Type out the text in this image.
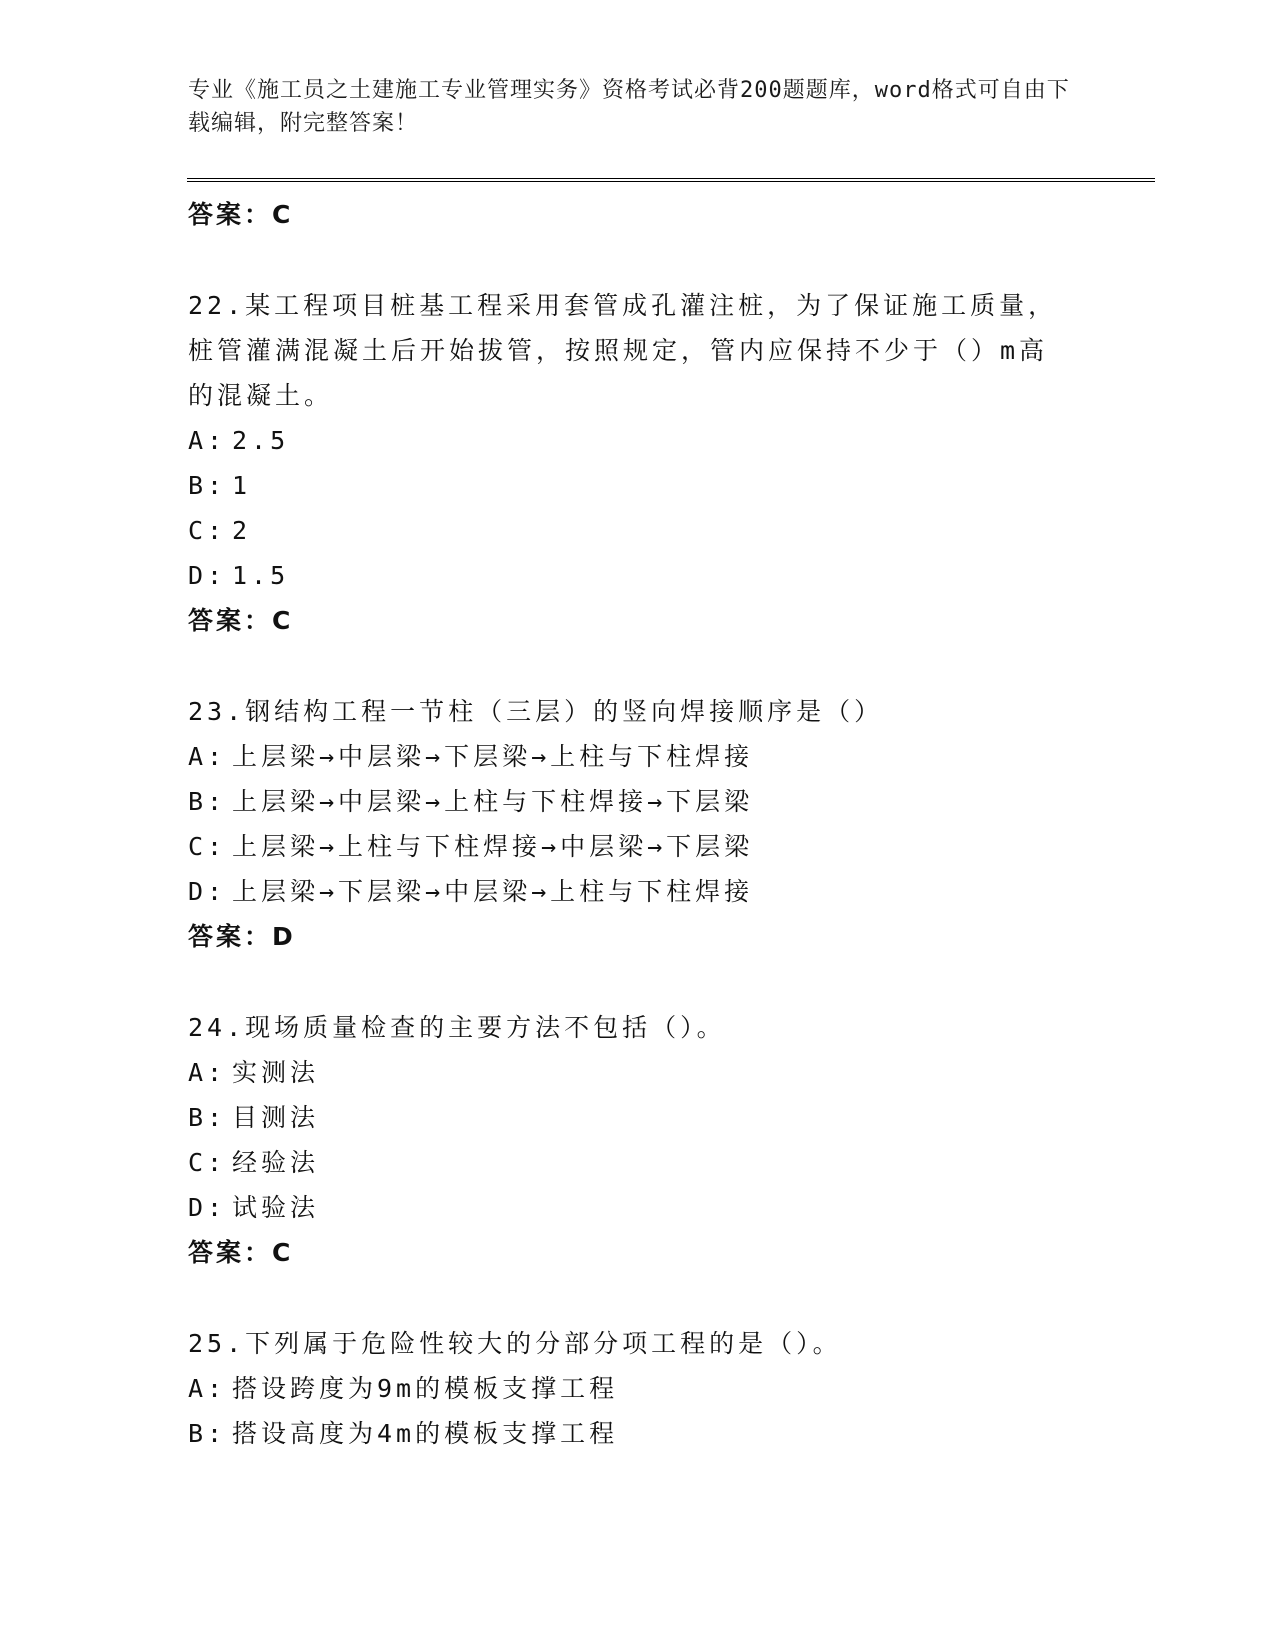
专业《施工员之土建施工专业管理实务》资格考试必背200题题库，word格式可自由下载编辑，附完整答案！
答案：C
22.某工程项目桩基工程采用套管成孔灌注桩，为了保证施工质量，桩管灌满混凝土后开始拔管，按照规定，管内应保持不少于（）m高的混凝土。
A: 2.5
B: 1
C: 2
D: 1.5
答案：C
23.钢结构工程一节柱（三层）的竖向焊接顺序是（）
A: 上层梁→中层梁→下层梁→上柱与下柱焊接
B: 上层梁→中层梁→上柱与下柱焊接→下层梁
C: 上层梁→上柱与下柱焊接→中层梁→下层梁
D: 上层梁→下层梁→中层梁→上柱与下柱焊接
答案：D
24.现场质量检查的主要方法不包括（）。
A: 实测法
B: 目测法
C: 经验法
D: 试验法
答案：C
25.下列属于危险性较大的分部分项工程的是（）。
A: 搭设跨度为9m的模板支撑工程
B: 搭设高度为4m的模板支撑工程
